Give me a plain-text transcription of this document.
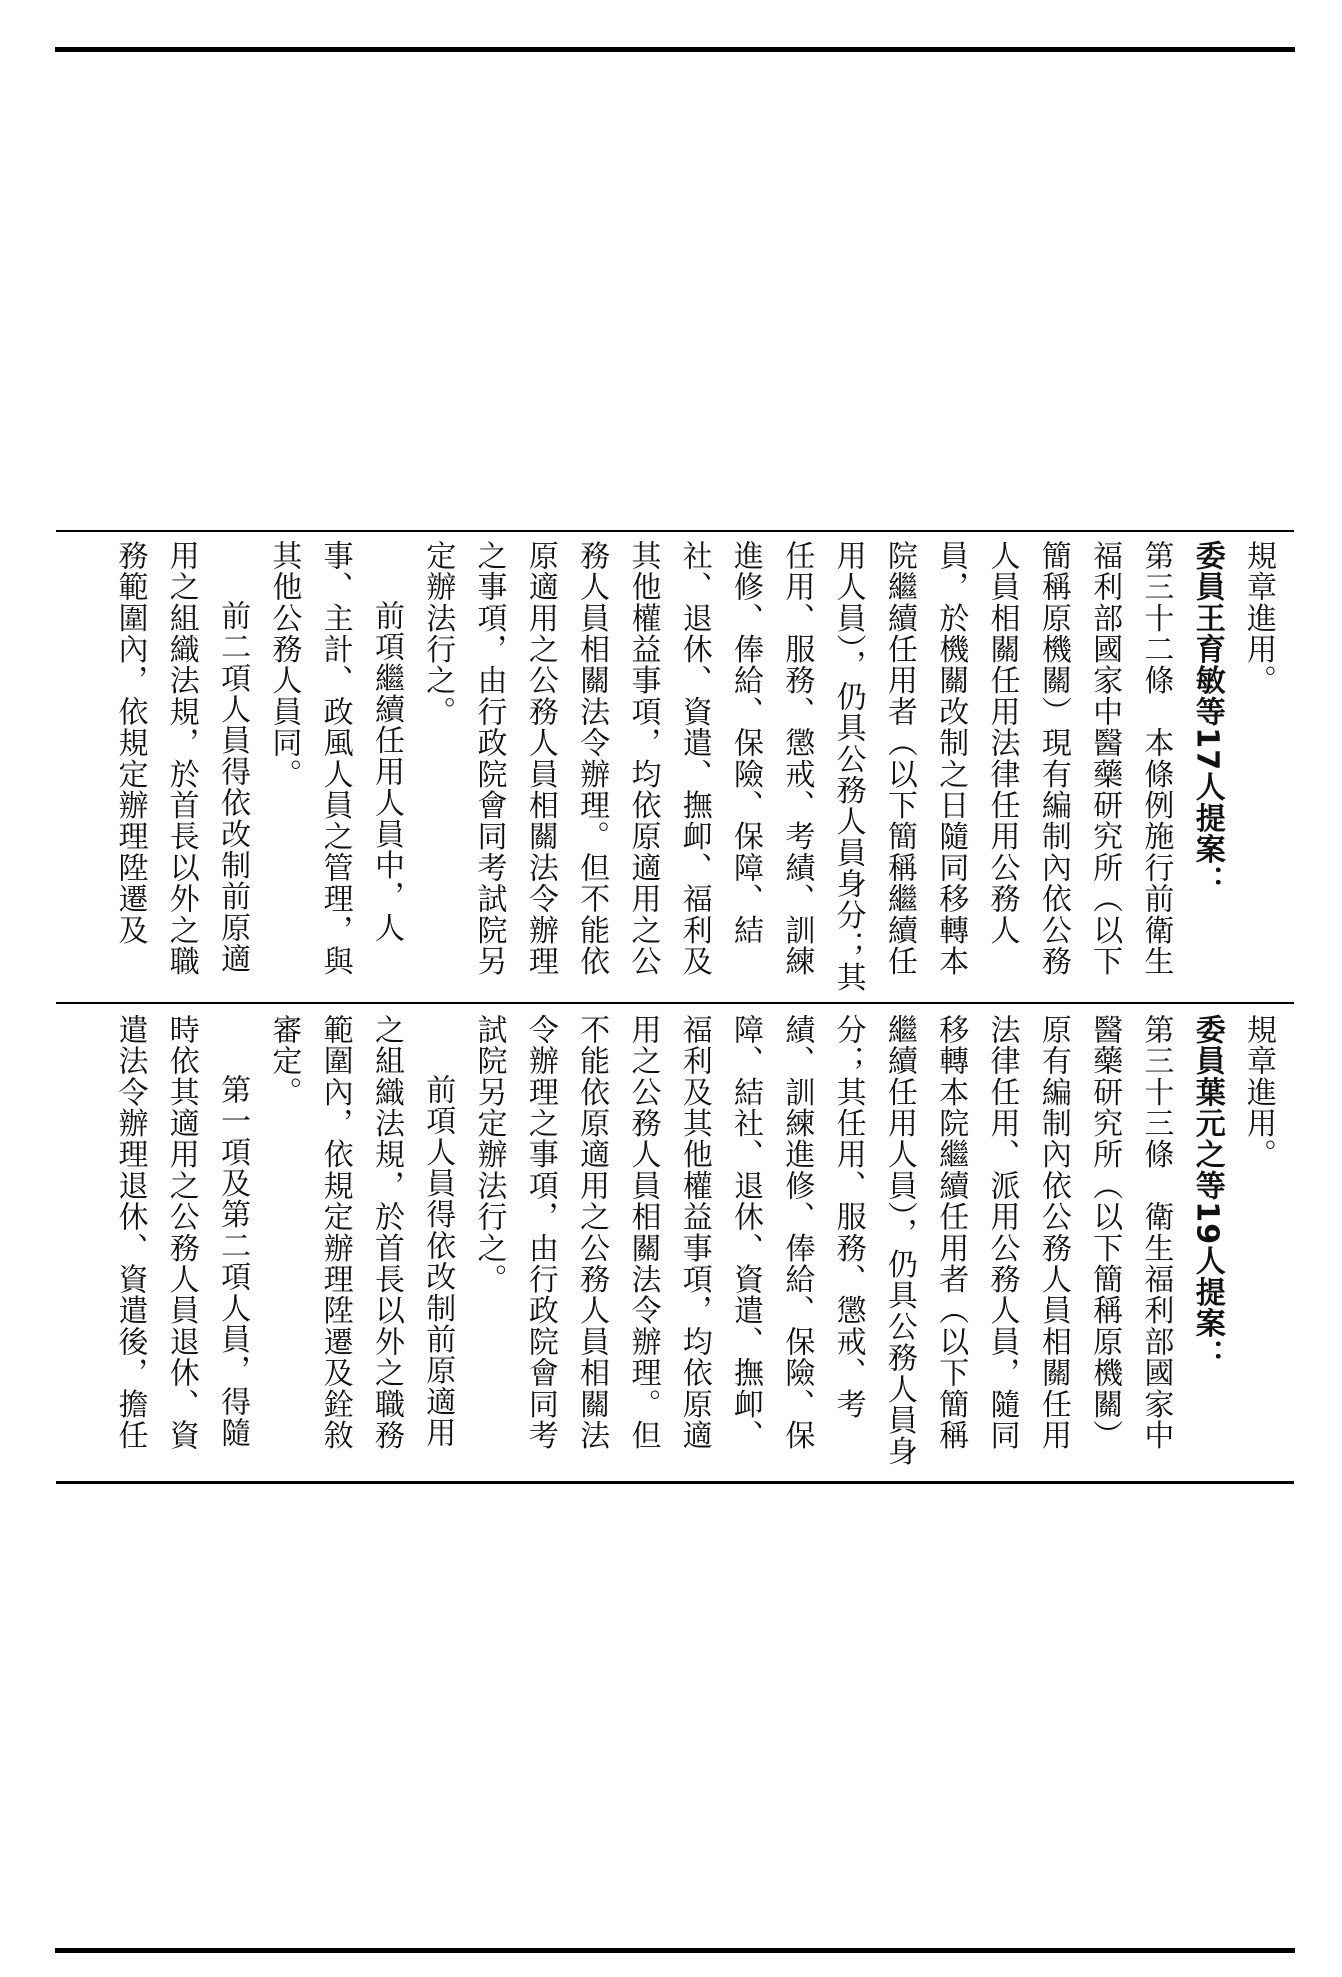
規章進用。
委員王育敏等17人提案：
第三十二條　本條例施行前衛生福利部國家中醫藥研究所（以下簡稱原機關）現有編制內依公務人員相關任用法律任用公務人員，於機關改制之日隨同移轉本院繼續任用者（以下簡稱繼續任用人員），仍具公務人員身分；其任用、服務、懲戒、考績、訓練進修、俸給、保險、保障、結社、退休、資遣、撫卹、福利及其他權益事項，均依原適用之公務人員相關法令辦理。但不能依原適用之公務人員相關法令辦理之事項，由行政院會同考試院另定辦法行之。
前項繼續任用人員中，人事、主計、政風人員之管理，與其他公務人員同。
前二項人員得依改制前原適用之組織法規，於首長以外之職務範圍內，依規定辦理陞遷及
規章進用。
委員葉元之等19人提案：
第三十三條　衛生福利部國家中醫藥研究所（以下簡稱原機關）原有編制內依公務人員相關任用法律任用、派用公務人員，隨同移轉本院繼續任用者（以下簡稱繼續任用人員），仍具公務人員身分；其任用、服務、懲戒、考績、訓練進修、俸給、保險、保障、結社、退休、資遣、撫卹、福利及其他權益事項，均依原適用之公務人員相關法令辦理。但不能依原適用之公務人員相關法令辦理之事項，由行政院會同考試院另定辦法行之。
前項人員得依改制前原適用之組織法規，於首長以外之職務範圍內，依規定辦理陞遷及銓敘審定。
第一項及第二項人員，得隨時依其適用之公務人員退休、資遣法令辦理退休、資遣後，擔任
